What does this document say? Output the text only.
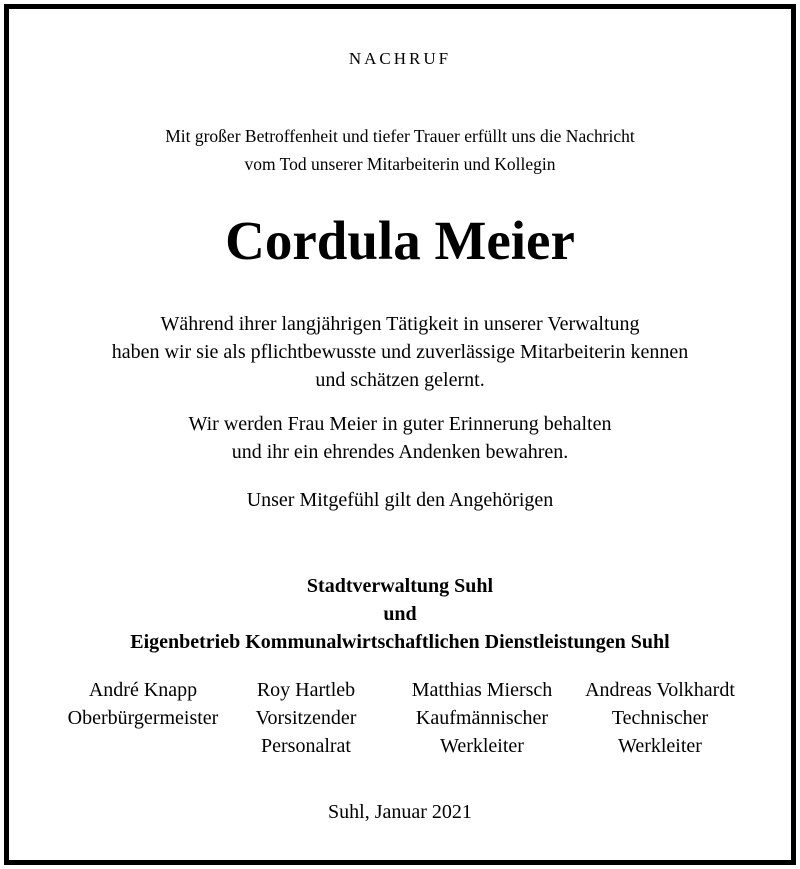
NACHRUF
Mit großer Betroffenheit und tiefer Trauer erfüllt uns die Nachricht
vom Tod unserer Mitarbeiterin und Kollegin
Cordula Meier
Während ihrer langjährigen Tätigkeit in unserer Verwaltung
haben wir sie als pflichtbewusste und zuverlässige Mitarbeiterin kennen
und schätzen gelernt.
Wir werden Frau Meier in guter Erinnerung behalten
und ihr ein ehrendes Andenken bewahren.
Unser Mitgefühl gilt den Angehörigen
Stadtverwaltung Suhl
und
Eigenbetrieb Kommunalwirtschaftlichen Dienstleistungen Suhl
André Knapp
Oberbürgermeister
Roy Hartleb
Vorsitzender
Personalrat
Matthias Miersch
Kaufmännischer
Werkleiter
Andreas Volkhardt
Technischer
Werkleiter
Suhl, Januar 2021
